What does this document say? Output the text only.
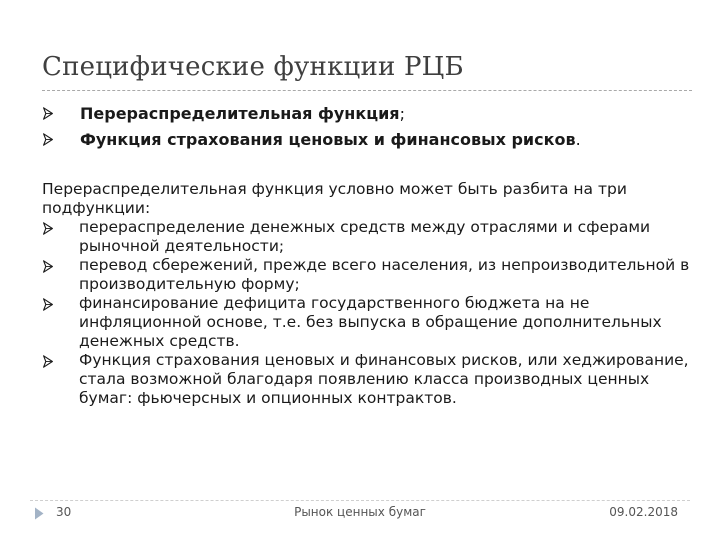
Специфические функции РЦБ
Перераспределительная функция;
Функция страхования ценовых и финансовых рисков.

Перераспределительная функция условно может быть разбита на три подфункции:

перераспределение денежных средств между отраслями и сферами рыночной деятельности;
перевод сбережений, прежде всего населения, из непроизводительной в производительную форму;
финансирование дефицита государственного бюджета на не инфляционной основе, т.е. без выпуска в обращение дополнительных денежных средств.
Функция страхования ценовых и финансовых рисков, или хеджирование, стала возможной благодаря появлению класса производных ценных бумаг: фьючерсных и опционных контрактов.
30	Рынок ценных бумаг	09.02.2018
